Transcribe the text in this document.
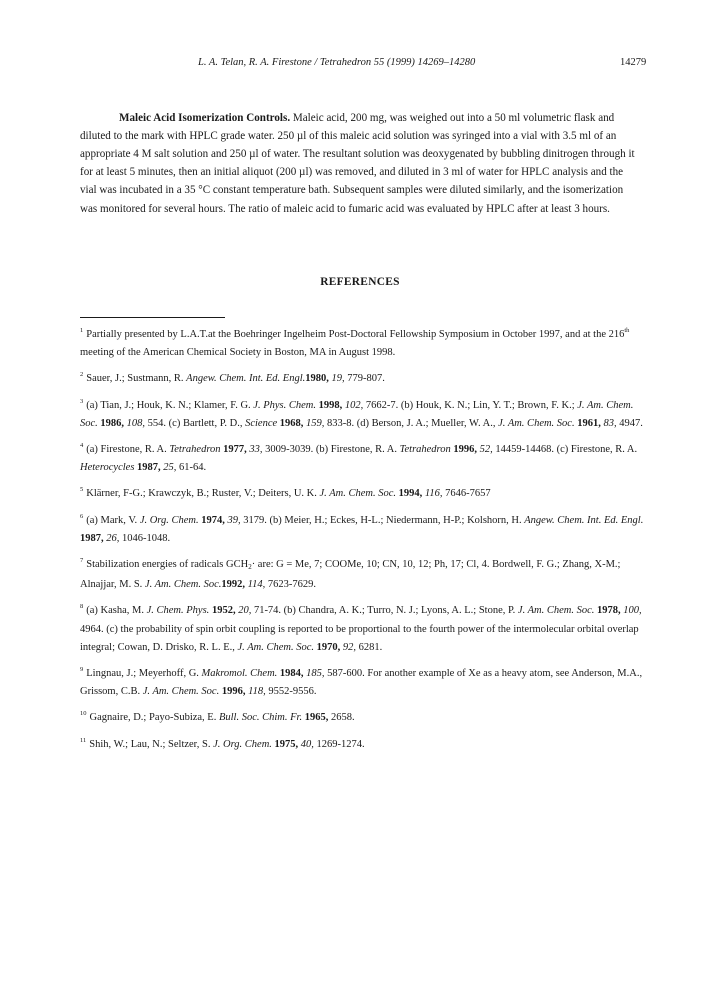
L. A. Telan, R. A. Firestone / Tetrahedron 55 (1999) 14269–14280	14279

Maleic Acid Isomerization Controls. Maleic acid, 200 mg, was weighed out into a 50 ml volumetric flask and diluted to the mark with HPLC grade water. 250 µl of this maleic acid solution was syringed into a vial with 3.5 ml of an appropriate 4 M salt solution and 250 µl of water. The resultant solution was deoxygenated by bubbling dinitrogen through it for at least 5 minutes, then an initial aliquot (200 µl) was removed, and diluted in 3 ml of water for HPLC analysis and the vial was incubated in a 35 °C constant temperature bath. Subsequent samples were diluted similarly, and the isomerization was monitored for several hours. The ratio of maleic acid to fumaric acid was evaluated by HPLC after at least 3 hours.

REFERENCES

$^1$ Partially presented by L.A.T.at the Boehringer Ingelheim Post-Doctoral Fellowship Symposium in October 1997, and at the 216th meeting of the American Chemical Society in Boston, MA in August 1998.

$^2$ Sauer, J.; Sustmann, R. Angew. Chem. Int. Ed. Engl.1980, 19, 779-807.

$^3$ (a) Tian, J.; Houk, K. N.; Klamer, F. G. J. Phys. Chem. 1998, 102, 7662-7. (b) Houk, K. N.; Lin, Y. T.; Brown, F. K.; J. Am. Chem. Soc. 1986, 108, 554. (c) Bartlett, P. D., Science 1968, 159, 833-8. (d) Berson, J. A.; Mueller, W. A., J. Am. Chem. Soc. 1961, 83, 4947.

$^4$ (a) Firestone, R. A. Tetrahedron 1977, 33, 3009-3039. (b) Firestone, R. A. Tetrahedron 1996, 52, 14459-14468. (c) Firestone, R. A. Heterocycles 1987, 25, 61-64.

$^5$ Klärner, F-G.; Krawczyk, B.; Ruster, V.; Deiters, U. K. J. Am. Chem. Soc. 1994, 116, 7646-7657

$^6$ (a) Mark, V. J. Org. Chem. 1974, 39, 3179. (b) Meier, H.; Eckes, H-L.; Niedermann, H-P.; Kolshorn, H. Angew. Chem. Int. Ed. Engl. 1987, 26, 1046-1048.

$^7$ Stabilization energies of radicals $GCH_2\cdot$ are: G = Me, 7; COOMe, 10; CN, 10, 12; Ph, 17; Cl, 4. Bordwell, F. G.; Zhang, X-M.; Alnajjar, M. S. J. Am. Chem. Soc.1992, 114, 7623-7629.

$^8$ (a) Kasha, M. J. Chem. Phys. 1952, 20, 71-74. (b) Chandra, A. K.; Turro, N. J.; Lyons, A. L.; Stone, P. J. Am. Chem. Soc. 1978, 100, 4964. (c) the probability of spin orbit coupling is reported to be proportional to the fourth power of the intermolecular orbital overlap integral; Cowan, D. Drisko, R. L. E., J. Am. Chem. Soc. 1970, 92, 6281.

$^9$ Lingnau, J.; Meyerhoff, G. Makromol. Chem. 1984, 185, 587-600. For another example of Xe as a heavy atom, see Anderson, M.A., Grissom, C.B. J. Am. Chem. Soc. 1996, 118, 9552-9556.

$^{10}$ Gagnaire, D.; Payo-Subiza, E. Bull. Soc. Chim. Fr. 1965, 2658.

$^{11}$ Shih, W.; Lau, N.; Seltzer, S. J. Org. Chem. 1975, 40, 1269-1274.
